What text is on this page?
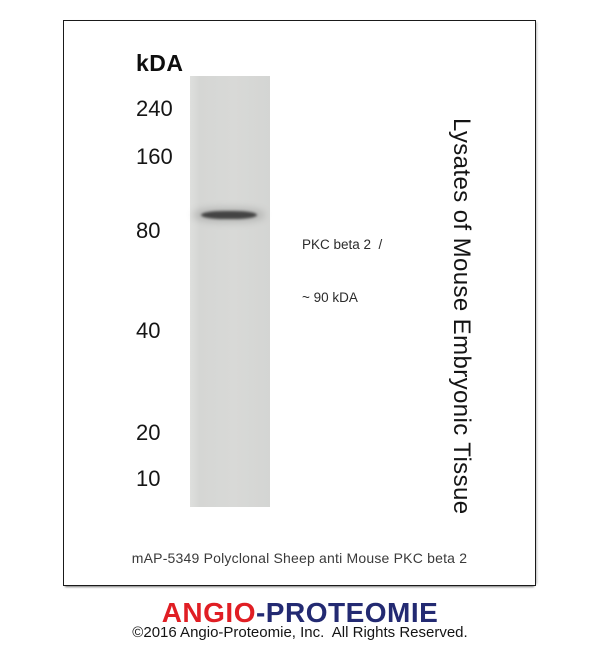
kDA
240
160
80
40
20
10

PKC beta 2  /

~ 90 kDA

	Lysates of Mouse Embryonic Tissue
mAP-5349 Polyclonal Sheep anti Mouse PKC beta 2
ANGIO-PROTEOMIE
©2016 Angio-Proteomie, Inc.  All Rights Reserved.
